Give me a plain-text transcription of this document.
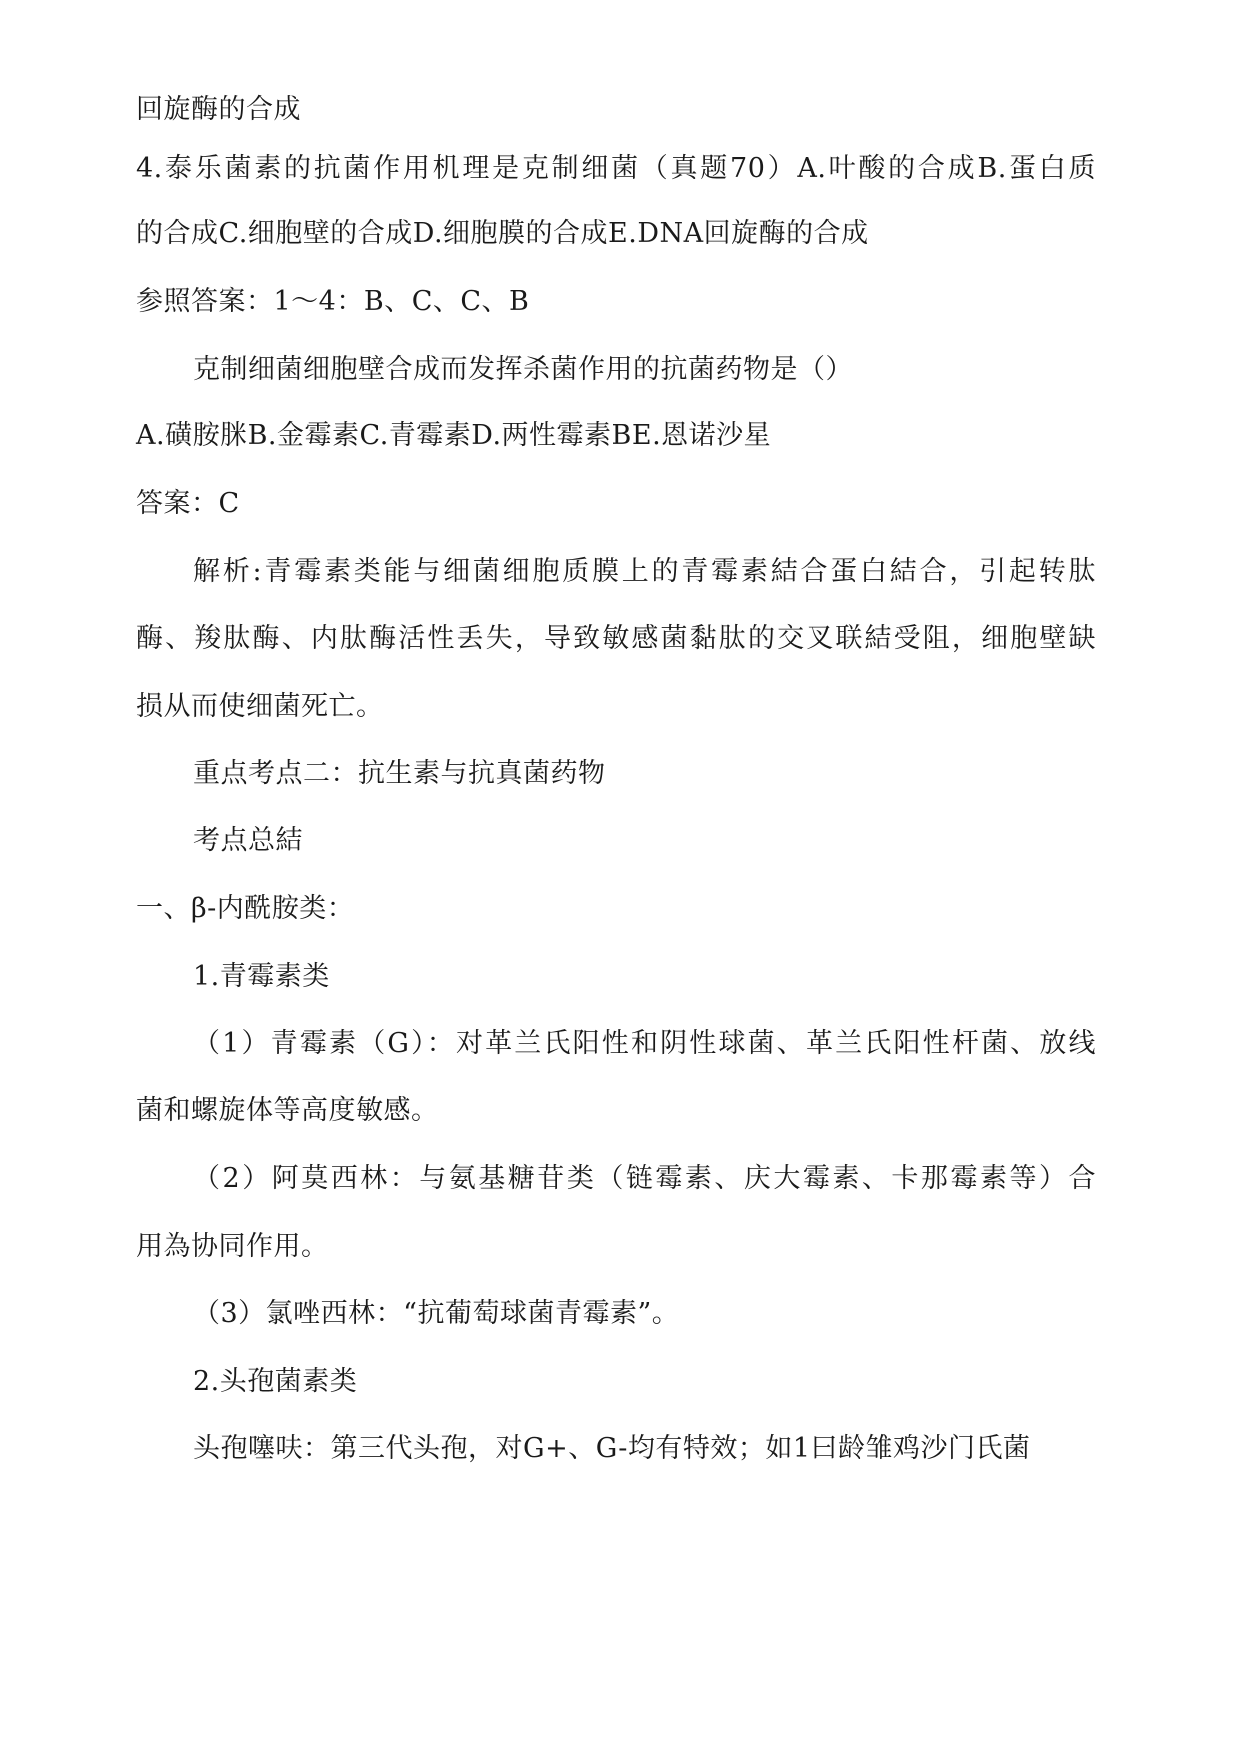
回旋酶的合成
4.泰乐菌素的抗菌作用机理是克制细菌（真题70）A.叶酸的合成B.蛋白质
的合成C.细胞壁的合成D.细胞膜的合成E.DNA回旋酶的合成
参照答案：1～4：B、C、C、B
克制细菌细胞壁合成而发挥杀菌作用的抗菌药物是（）
A.磺胺脒B.金霉素C.青霉素D.两性霉素BE.恩诺沙星
答案：C
解析:青霉素类能与细菌细胞质膜上的青霉素結合蛋白結合，引起转肽
酶、羧肽酶、内肽酶活性丢失，导致敏感菌黏肽的交叉联結受阻，细胞壁缺
损从而使细菌死亡。
重点考点二：抗生素与抗真菌药物
考点总結
一、β-内酰胺类：
1.青霉素类
（1）青霉素（G）：对革兰氏阳性和阴性球菌、革兰氏阳性杆菌、放线
菌和螺旋体等高度敏感。
（2）阿莫西林：与氨基糖苷类（链霉素、庆大霉素、卡那霉素等）合
用為协同作用。
（3）氯唑西林：“抗葡萄球菌青霉素”。
2.头孢菌素类
头孢噻呋：第三代头孢，对G+、G-均有特效；如1曰龄雏鸡沙门氏菌
